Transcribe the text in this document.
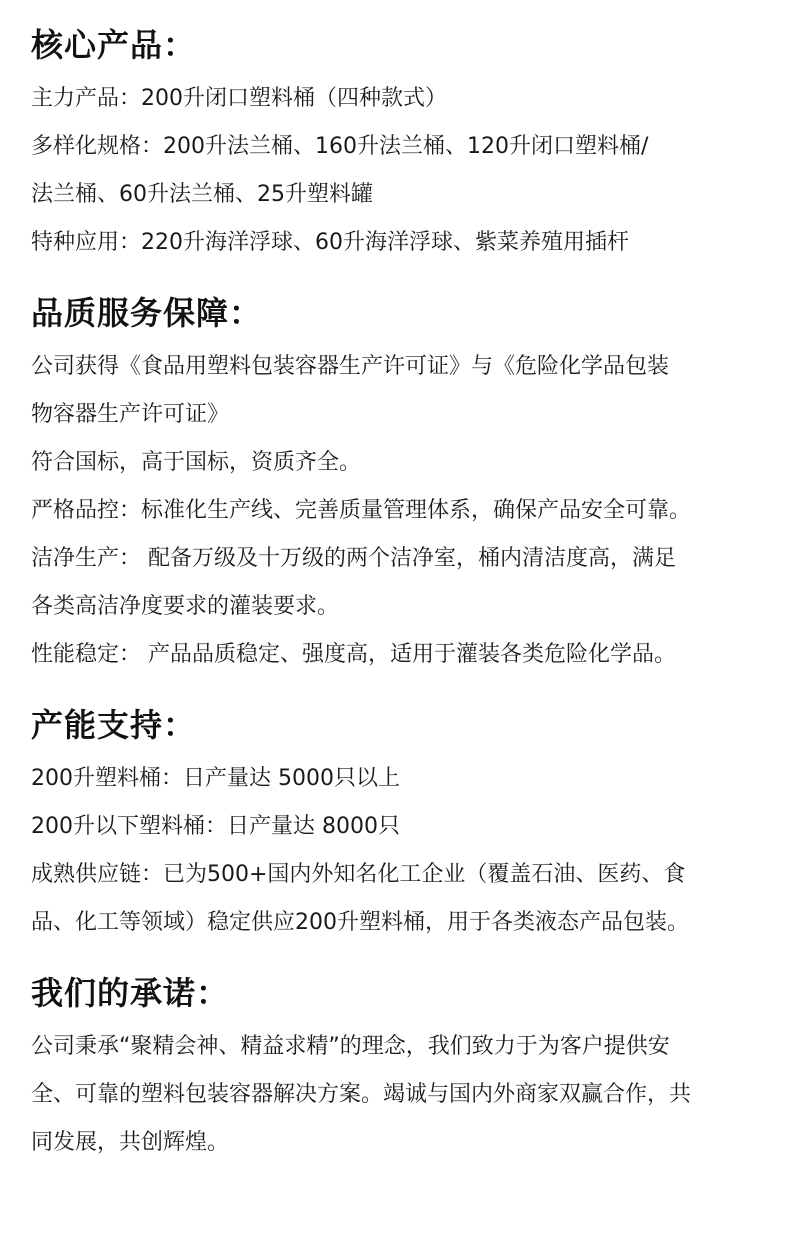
核心产品：

主力产品：200升闭口塑料桶（四种款式）

多样化规格：200升法兰桶、160升法兰桶、120升闭口塑料桶/

法兰桶、60升法兰桶、25升塑料罐

特种应用：220升海洋浮球、60升海洋浮球、紫菜养殖用插杆

品质服务保障：

公司获得《食品用塑料包装容器生产许可证》与《危险化学品包装

物容器生产许可证》

符合国标，高于国标，资质齐全。

严格品控：标准化生产线、完善质量管理体系，确保产品安全可靠。

洁净生产： 配备万级及十万级的两个洁净室，桶内清洁度高，满足

各类高洁净度要求的灌装要求。

性能稳定： 产品品质稳定、强度高，适用于灌装各类危险化学品。

产能支持：

200升塑料桶：日产量达 5000只以上

200升以下塑料桶：日产量达 8000只

成熟供应链：已为500+国内外知名化工企业（覆盖石油、医药、食

品、化工等领域）稳定供应200升塑料桶，用于各类液态产品包装。

我们的承诺：

公司秉承“聚精会神、精益求精”的理念，我们致力于为客户提供安

全、可靠的塑料包装容器解决方案。竭诚与国内外商家双赢合作，共

同发展，共创辉煌。
